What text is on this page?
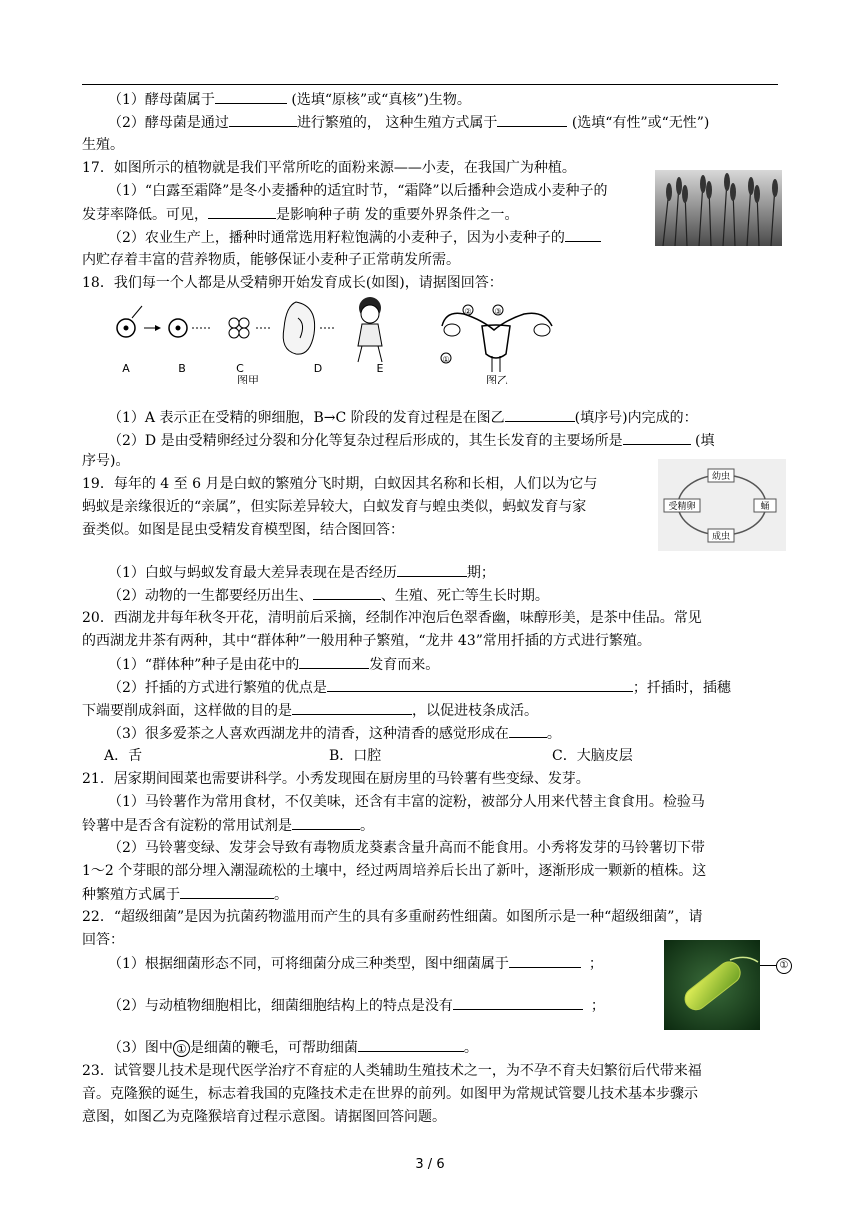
（1）酵母菌属于	(选填“原核”或“真核”)生物。
（2）酵母菌是通过	进行繁殖的， 这种生殖方式属于	(选填“有性”或“无性”)
生殖。
17．如图所示的植物就是我们平常所吃的面粉来源——小麦，在我国广为种植。
（1）“白露至霜降”是冬小麦播种的适宜时节，“霜降”以后播种会造成小麦种子的
发芽率降低。可见，	是影响种子萌 发的重要外界条件之一。
（2）农业生产上，播种时通常选用籽粒饱满的小麦种子，因为小麦种子的
内贮存着丰富的营养物质，能够保证小麦种子正常萌发所需。
18．我们每一个人都是从受精卵开始发育成长(如图)，请据图回答：
A	B	C	D	E
图甲
①
②	③
图乙
（1）A 表示正在受精的卵细胞，B→C 阶段的发育过程是在图乙	(填序号)内完成的：
（2）D 是由受精卵经过分裂和分化等复杂过程后形成的，其生长发育的主要场所是	(填
序号)。
19．每年的 4 至 6 月是白蚁的繁殖分飞时期，白蚁因其名称和长相，人们以为它与
蚂蚁是亲缘很近的“亲属”，但实际差异较大，白蚁发育与蝗虫类似，蚂蚁发育与家
蚕类似。如图是昆虫受精发育模型图，结合图回答：
幼虫
蛹
成虫
受精卵
（1）白蚁与蚂蚁发育最大差异表现在是否经历	期；
（2）动物的一生都要经历出生、	、生殖、死亡等生长时期。
20．西湖龙井每年秋冬开花，清明前后采摘，经制作冲泡后色翠香幽，味醇形美，是茶中佳品。常见
的西湖龙井茶有两种，其中“群体种”一般用种子繁殖，“龙井 43”常用扦插的方式进行繁殖。
（1）“群体种”种子是由花中的	发育而来。
（2）扦插的方式进行繁殖的优点是	；扦插时，插穗
下端要削成斜面，这样做的目的是	，以促进枝条成活。
（3）很多爱茶之人喜欢西湖龙井的清香，这种清香的感觉形成在	。
A．舌	B．口腔	C．大脑皮层
21．居家期间囤菜也需要讲科学。小秀发现囤在厨房里的马铃薯有些变绿、发芽。
（1）马铃薯作为常用食材，不仅美味，还含有丰富的淀粉，被部分人用来代替主食食用。检验马
铃薯中是否含有淀粉的常用试剂是	。
（2）马铃薯变绿、发芽会导致有毒物质龙葵素含量升高而不能食用。小秀将发芽的马铃薯切下带
1～2 个芽眼的部分埋入潮湿疏松的土壤中，经过两周培养后长出了新叶，逐渐形成一颗新的植株。这
种繁殖方式属于	。
22．“超级细菌”是因为抗菌药物滥用而产生的具有多重耐药性细菌。如图所示是一种“超级细菌”，请
回答：
（1）根据细菌形态不同，可将细菌分成三种类型，图中细菌属于	；
（2）与动植物细胞相比，细菌细胞结构上的特点是没有	；
（3）图中 ① 是细菌的鞭毛，可帮助细菌	。
①
23．试管婴儿技术是现代医学治疗不育症的人类辅助生殖技术之一，为不孕不育夫妇繁衍后代带来福
音。克隆猴的诞生，标志着我国的克隆技术走在世界的前列。如图甲为常规试管婴儿技术基本步骤示
意图，如图乙为克隆猴培育过程示意图。请据图回答问题。
3 / 6
